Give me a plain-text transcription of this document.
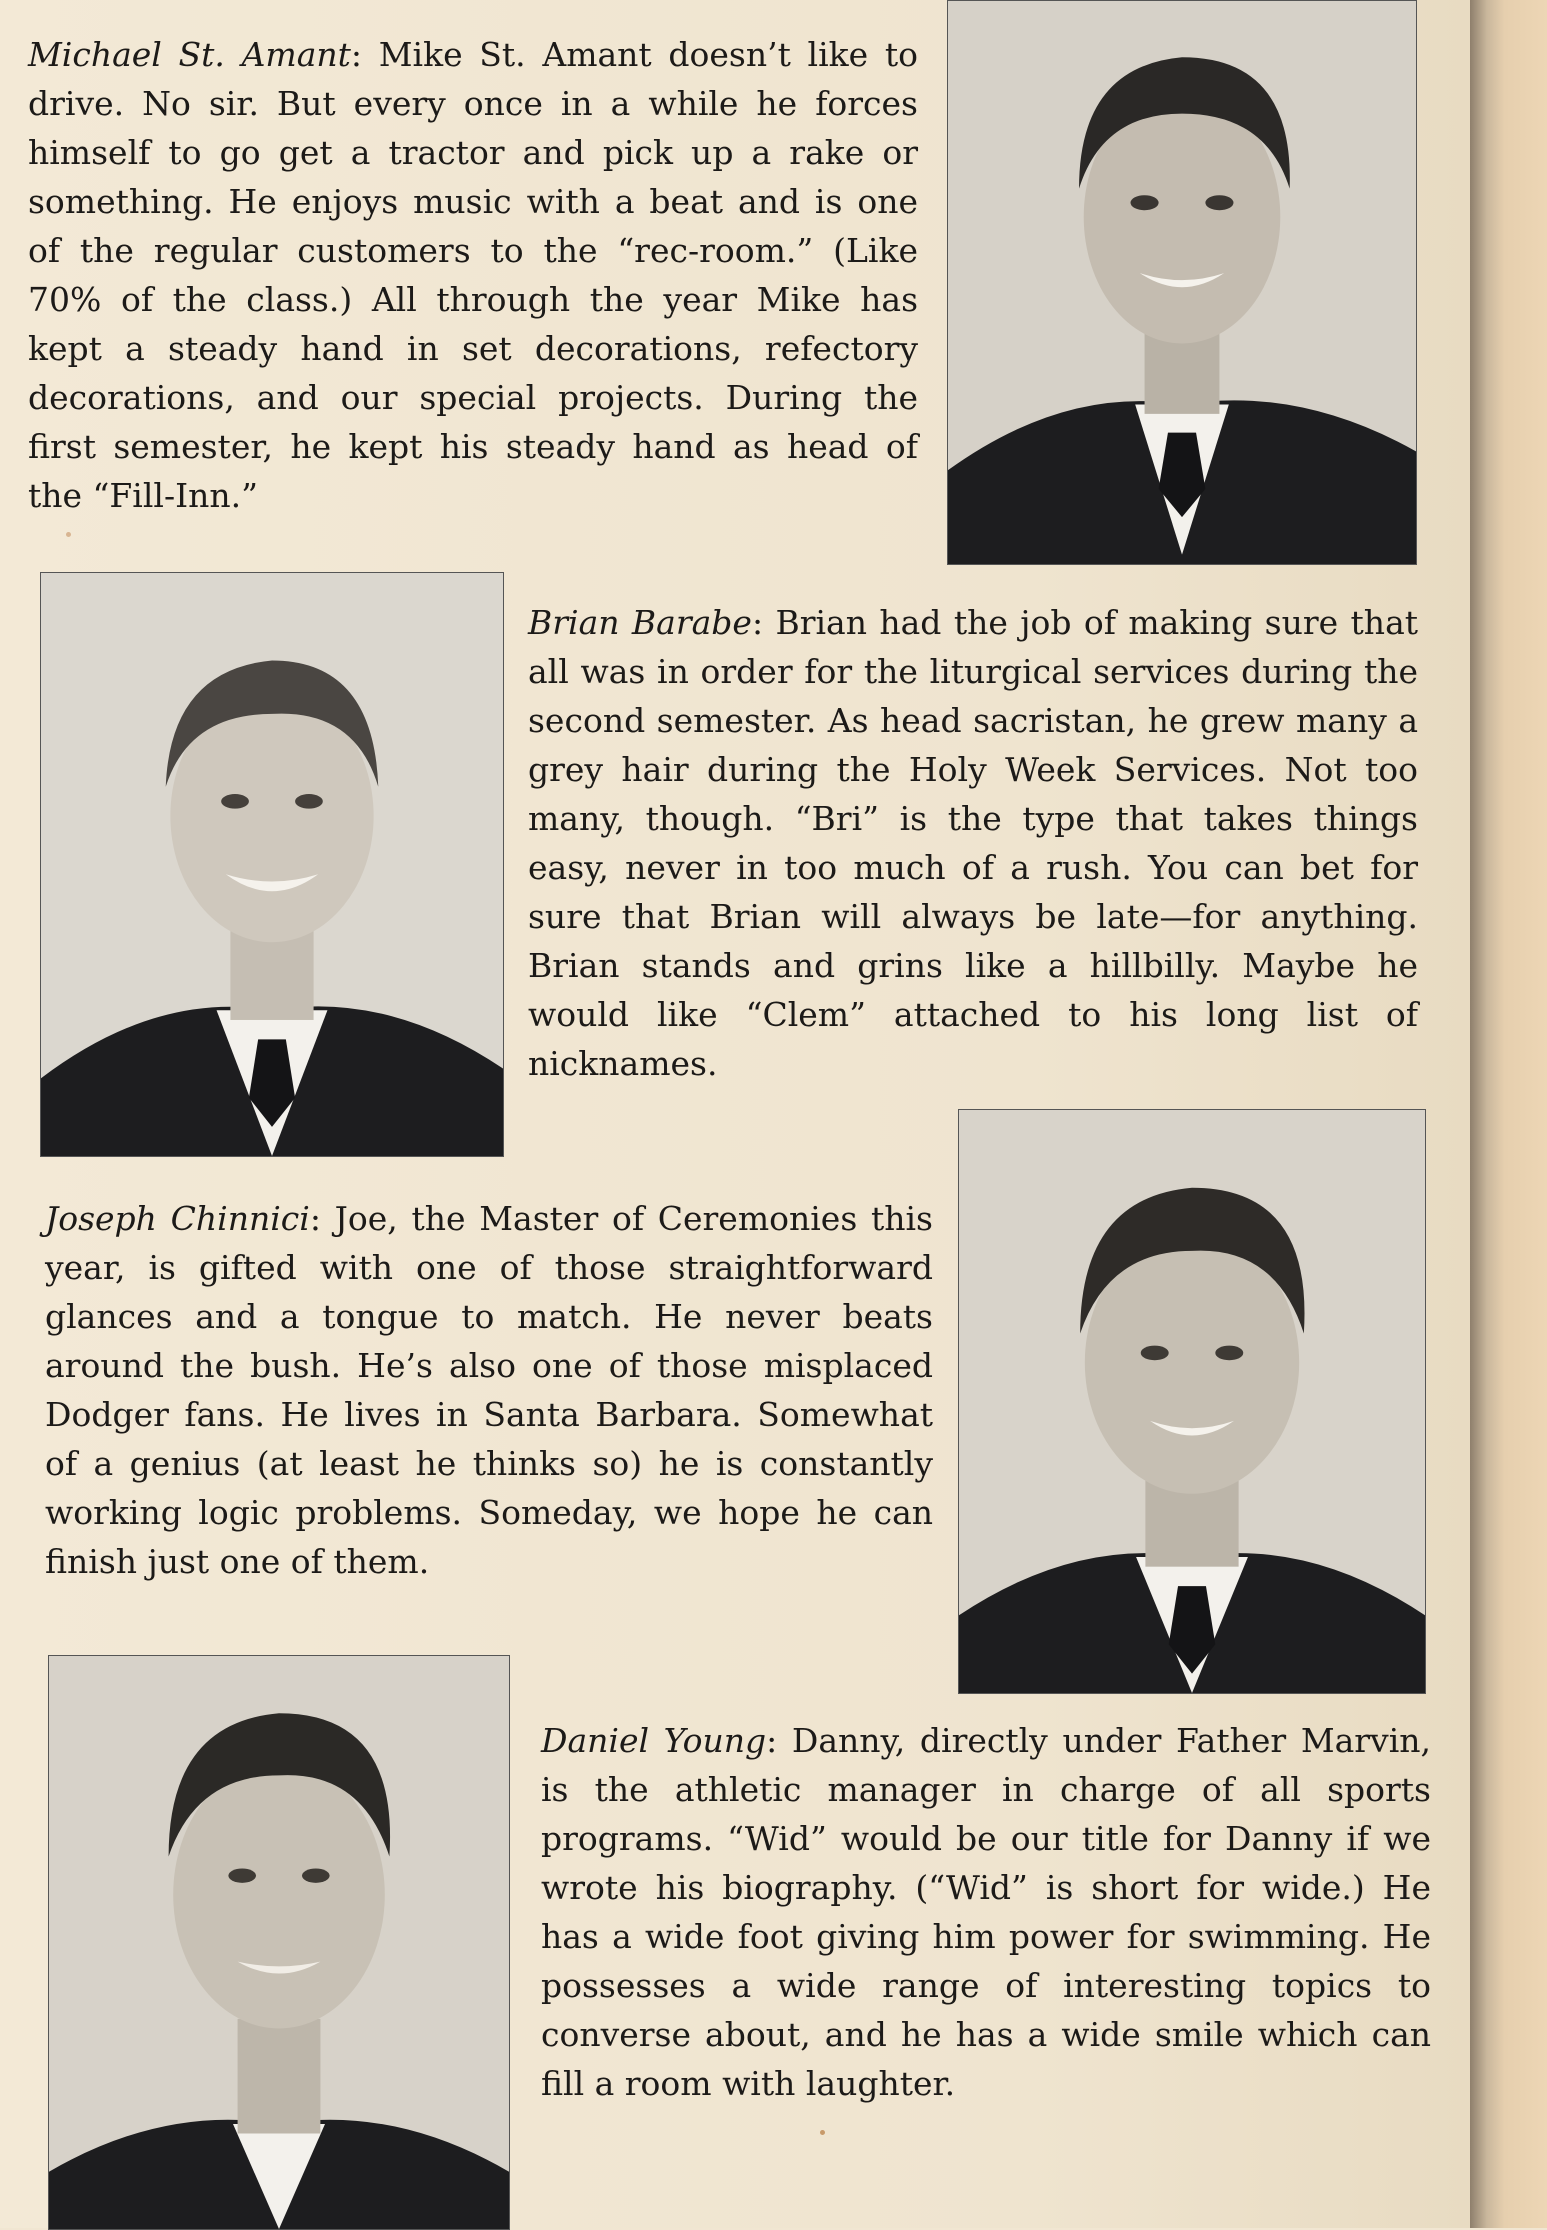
Michael St. Amant: Mike St. Amant doesn’t like to drive. No sir. But every once in a while he forces himself to go get a tractor and pick up a rake or something. He enjoys music with a beat and is one of the regular customers to the “rec-room.” (Like 70% of the class.) All through the year Mike has kept a steady hand in set decorations, refectory decorations, and our special projects. During the first semester, he kept his steady hand as head of the “Fill-Inn.”
Brian Barabe: Brian had the job of making sure that all was in order for the liturgical services during the second semester. As head sacristan, he grew many a grey hair during the Holy Week Services. Not too many, though. “Bri” is the type that takes things easy, never in too much of a rush. You can bet for sure that Brian will always be late—for anything. Brian stands and grins like a hillbilly. Maybe he would like “Clem” attached to his long list of nicknames.
Joseph Chinnici: Joe, the Master of Ceremonies this year, is gifted with one of those straightforward glances and a tongue to match. He never beats around the bush. He’s also one of those misplaced Dodger fans. He lives in Santa Barbara. Somewhat of a genius (at least he thinks so) he is constantly working logic problems. Someday, we hope he can finish just one of them.
Daniel Young: Danny, directly under Father Marvin, is the athletic manager in charge of all sports programs. “Wid” would be our title for Danny if we wrote his biography. (“Wid” is short for wide.) He has a wide foot giving him power for swimming. He possesses a wide range of interesting topics to converse about, and he has a wide smile which can fill a room with laughter.
